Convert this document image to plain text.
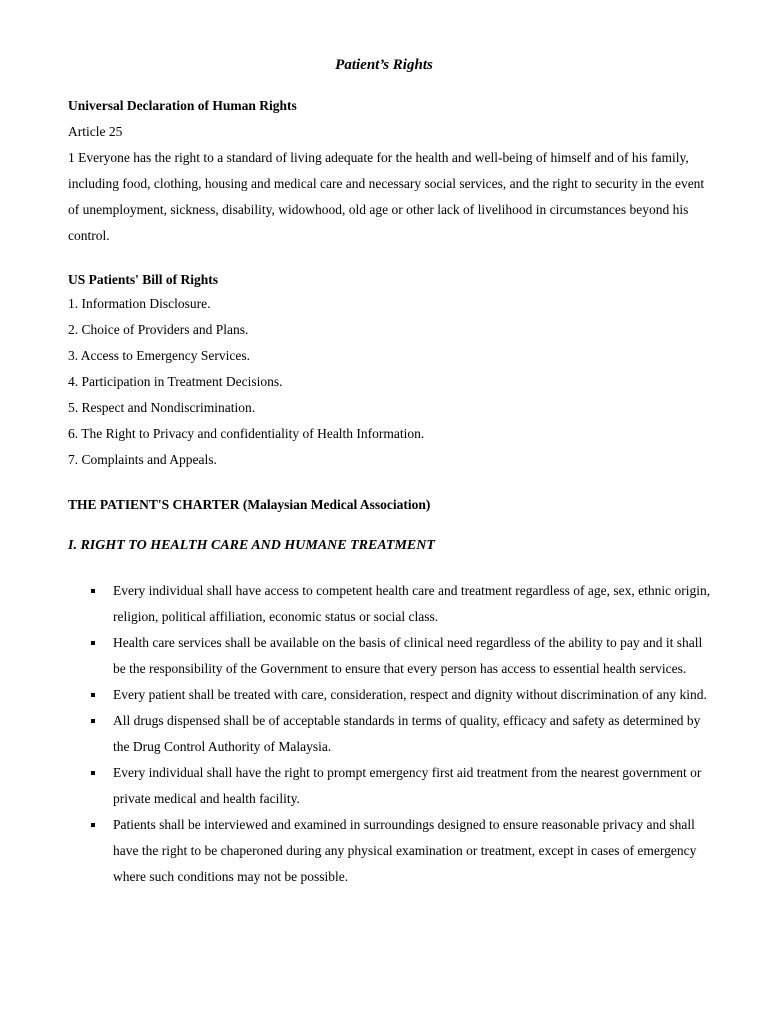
Patient’s Rights
Universal Declaration of Human Rights
Article 25

1 Everyone has the right to a standard of living adequate for the health and well-being of himself and of his family, including food, clothing, housing and medical care and necessary social services, and the right to security in the event of unemployment, sickness, disability, widowhood, old age or other lack of livelihood in circumstances beyond his control.

US Patients' Bill of Rights
1. Information Disclosure.
2. Choice of Providers and Plans.
3. Access to Emergency Services.
4. Participation in Treatment Decisions.
5. Respect and Nondiscrimination.
6. The Right to Privacy and confidentiality of Health Information.
7. Complaints and Appeals.
THE PATIENT'S CHARTER (Malaysian Medical Association)
I. RIGHT TO HEALTH CARE AND HUMANE TREATMENT
Every individual shall have access to competent health care and treatment regardless of age, sex, ethnic origin, religion, political affiliation, economic status or social class.
Health care services shall be available on the basis of clinical need regardless of the ability to pay and it shall be the responsibility of the Government to ensure that every person has access to essential health services.
Every patient shall be treated with care, consideration, respect and dignity without discrimination of any kind.
All drugs dispensed shall be of acceptable standards in terms of quality, efficacy and safety as determined by the Drug Control Authority of Malaysia.
Every individual shall have the right to prompt emergency first aid treatment from the nearest government or private medical and health facility.
Patients shall be interviewed and examined in surroundings designed to ensure reasonable privacy and shall have the right to be chaperoned during any physical examination or treatment, except in cases of emergency where such conditions may not be possible.
